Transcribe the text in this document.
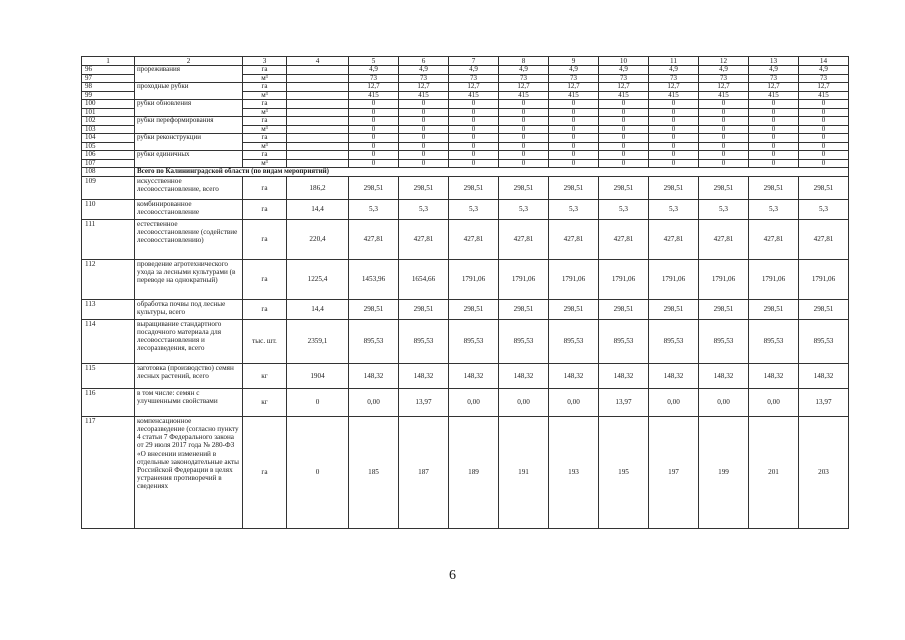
1	2	3	4	5	6	7	8	9	10	11	12	13	14
96	прореживания	га		4,9	4,9	4,9	4,9	4,9	4,9	4,9	4,9	4,9	4,9
97		м³		73	73	73	73	73	73	73	73	73	73
98	проходные рубки	га		12,7	12,7	12,7	12,7	12,7	12,7	12,7	12,7	12,7	12,7
99		м³		415	415	415	415	415	415	415	415	415	415
100	рубки обновления	га		0	0	0	0	0	0	0	0	0	0
101		м³		0	0	0	0	0	0	0	0	0	0
102	рубки переформирования	га		0	0	0	0	0	0	0	0	0	0
103		м³		0	0	0	0	0	0	0	0	0	0
104	рубки реконструкции	га		0	0	0	0	0	0	0	0	0	0
105		м³		0	0	0	0	0	0	0	0	0	0
106	рубки единичных	га		0	0	0	0	0	0	0	0	0	0
107		м³		0	0	0	0	0	0	0	0	0	0
108	Всего по Калининградской области (по видам мероприятий)												
109	искусственное лесовосстановление, всего	га	186,2	298,51	298,51	298,51	298,51	298,51	298,51	298,51	298,51	298,51	298,51
110	комбинированное лесовосстановление	га	14,4	5,3	5,3	5,3	5,3	5,3	5,3	5,3	5,3	5,3	5,3
111	естественное лесовосстановление (содействие лесовосстановлению)	га	220,4	427,81	427,81	427,81	427,81	427,81	427,81	427,81	427,81	427,81	427,81
112	проведение агротехнического ухода за лесными культурами (в переводе на однократный)	га	1225,4	1453,96	1654,66	1791,06	1791,06	1791,06	1791,06	1791,06	1791,06	1791,06	1791,06
113	обработка почвы под лесные культуры, всего	га	14,4	298,51	298,51	298,51	298,51	298,51	298,51	298,51	298,51	298,51	298,51
114	выращивание стандартного посадочного материала для лесовосстановления и лесоразведения, всего	тыс. шт.	2359,1	895,53	895,53	895,53	895,53	895,53	895,53	895,53	895,53	895,53	895,53
115	заготовка (производство) семян лесных растений, всего	кг	1904	148,32	148,32	148,32	148,32	148,32	148,32	148,32	148,32	148,32	148,32
116	в том числе: семян с улучшенными свойствами	кг	0	0,00	13,97	0,00	0,00	0,00	13,97	0,00	0,00	0,00	13,97
117	компенсационное лесоразведение (согласно пункту 4 статьи 7 Федерального закона от 29 июля 2017 года № 280-ФЗ «О внесении изменений в отдельные законодательные акты Российской Федерации в целях устранения противоречий в сведениях	га	0	185	187	189	191	193	195	197	199	201	203
6
